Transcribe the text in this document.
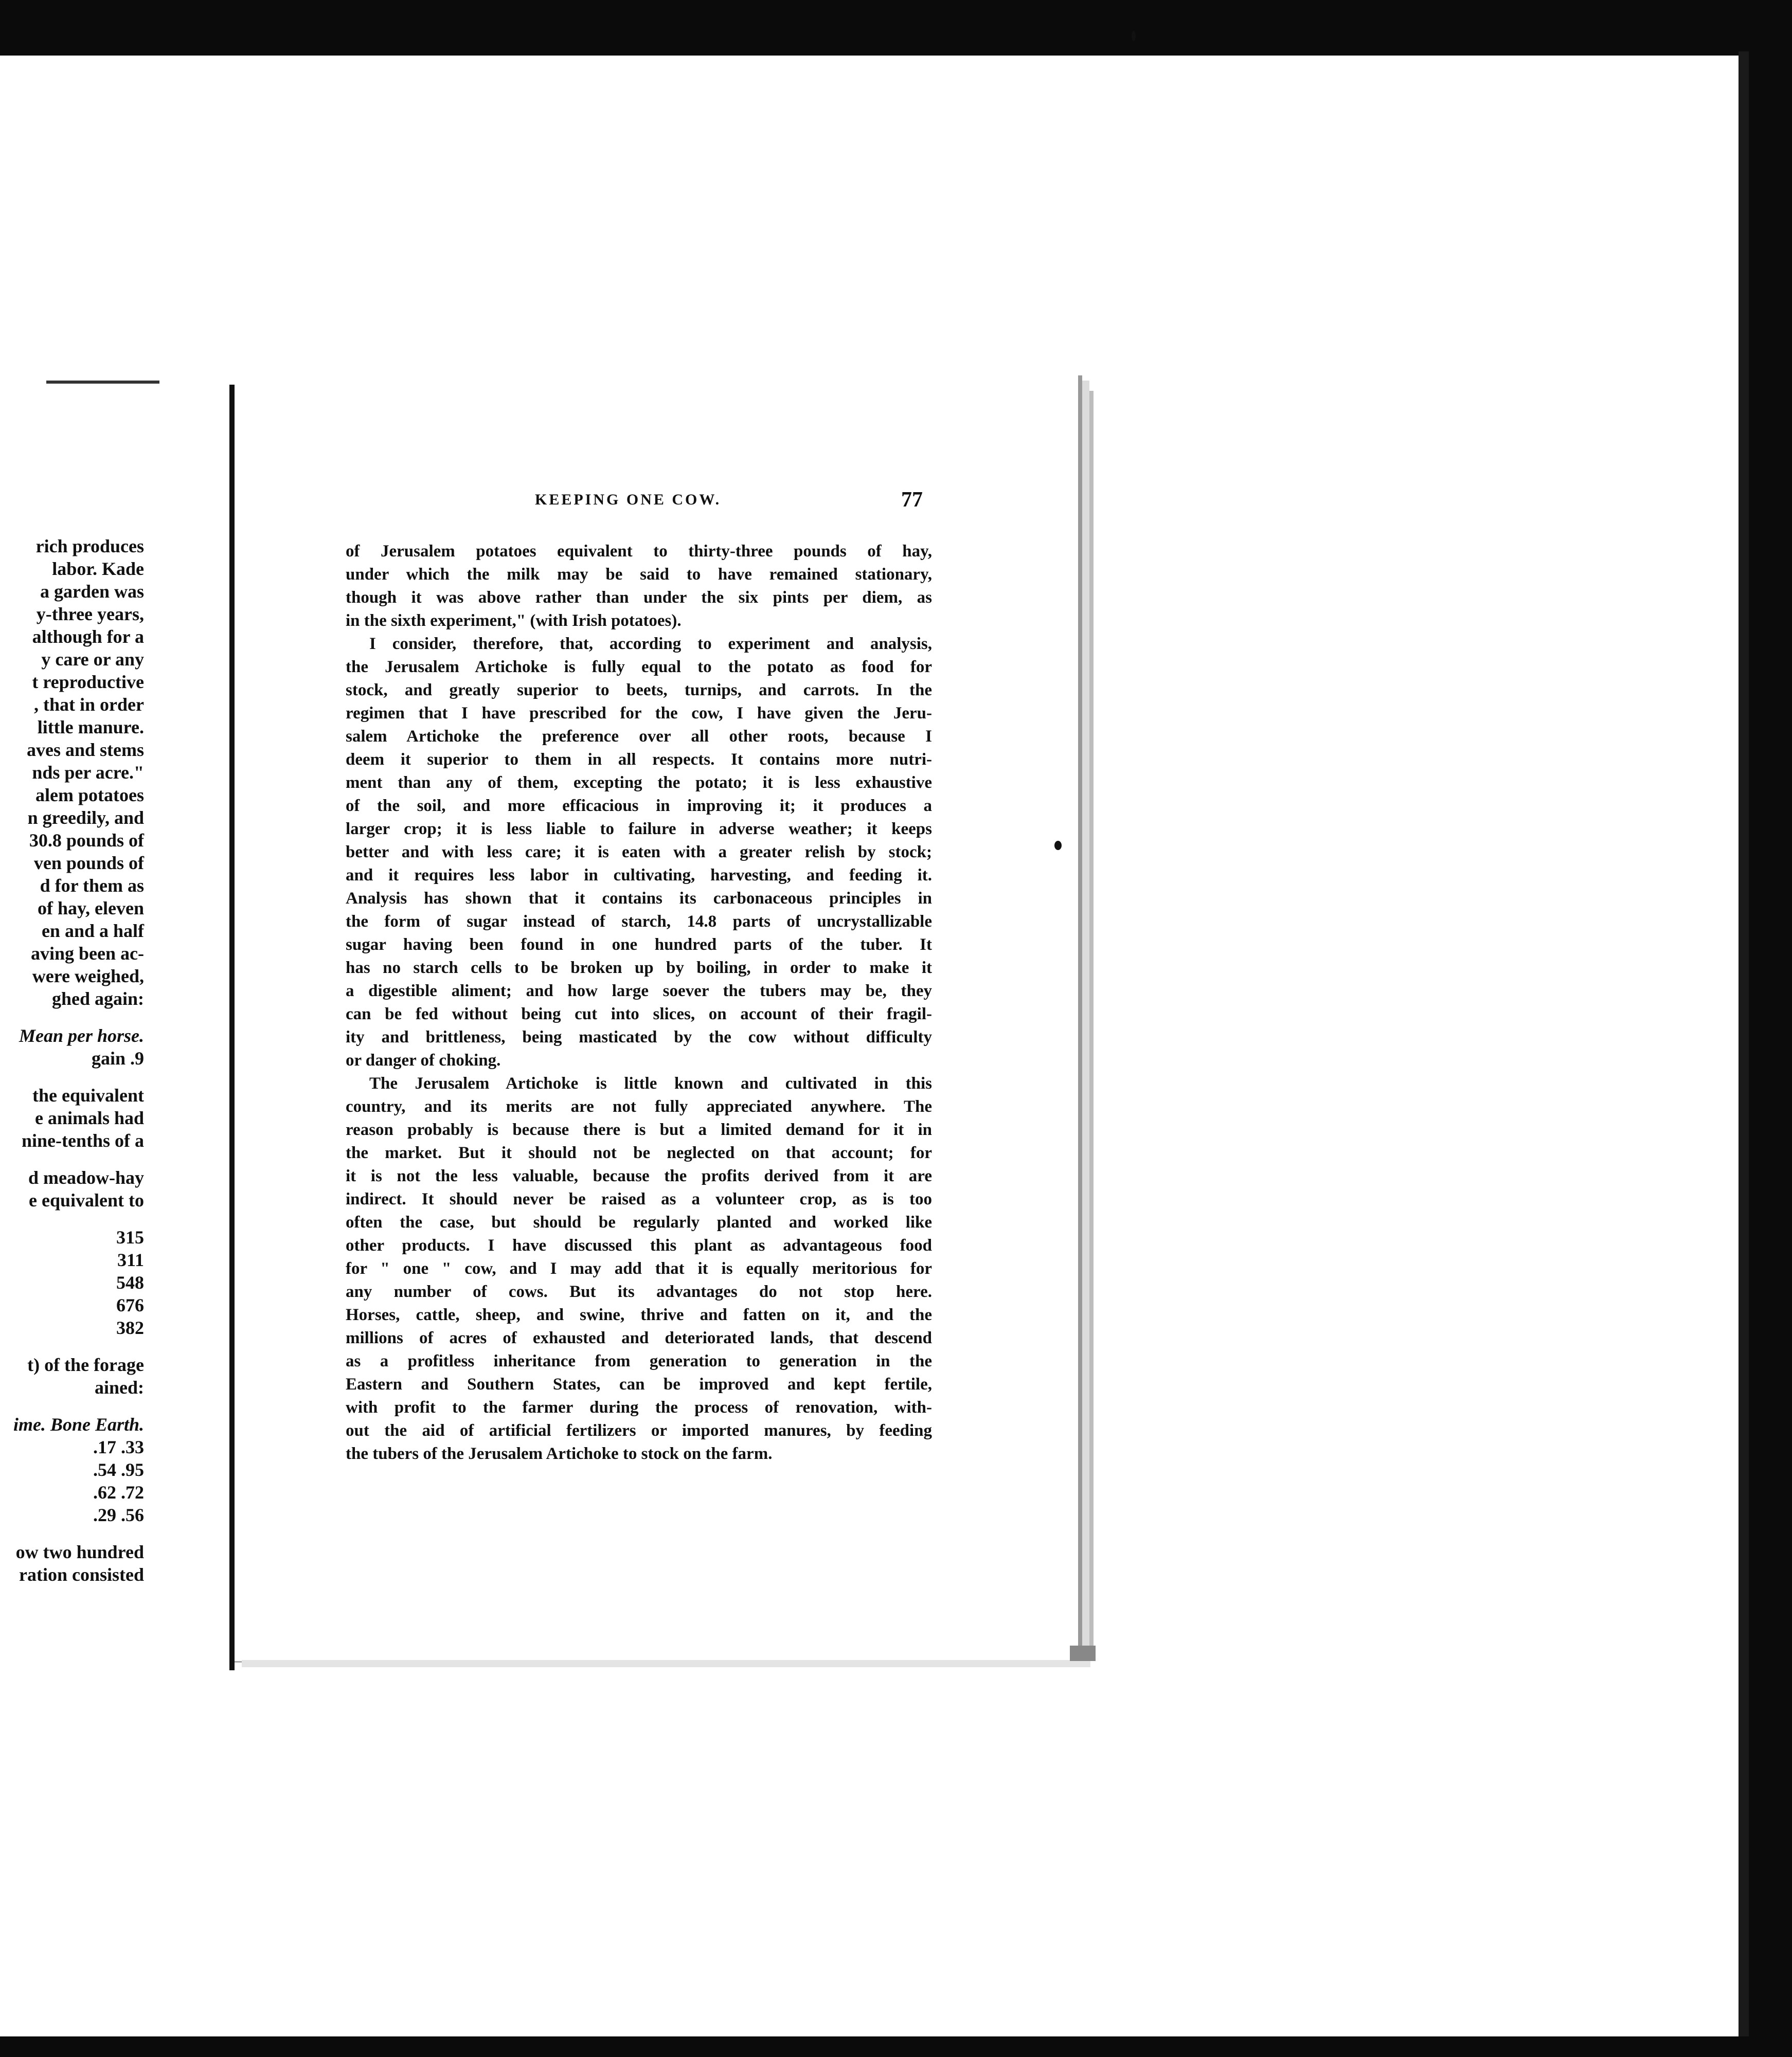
rich produces
labor. Kade
a garden was
y-three years,
although for a
y care or any
t reproductive
, that in order
little manure.
aves and stems
nds per acre."
alem potatoes
n greedily, and
30.8 pounds of
ven pounds of
d for them as
of hay, eleven
en and a half
aving been ac-
were weighed,
ghed again:
Mean per horse.
gain .9
the equivalent
e animals had
nine-tenths of a
d meadow-hay
e equivalent to
315
311
548
676
382
t) of the forage
ained:
ime. Bone Earth.
.17 .33
.54 .95
.62 .72
.29 .56
ow two hundred
ration consisted
KEEPING ONE COW.	77
of Jerusalem potatoes equivalent to thirty-three pounds of hay,
under which the milk may be said to have remained stationary,
though it was above rather than under the six pints per diem, as
in the sixth experiment," (with Irish potatoes).
I consider, therefore, that, according to experiment and analysis,
the Jerusalem Artichoke is fully equal to the potato as food for
stock, and greatly superior to beets, turnips, and carrots. In the
regimen that I have prescribed for the cow, I have given the Jeru-
salem Artichoke the preference over all other roots, because I
deem it superior to them in all respects. It contains more nutri-
ment than any of them, excepting the potato; it is less exhaustive
of the soil, and more efficacious in improving it; it produces a
larger crop; it is less liable to failure in adverse weather; it keeps
better and with less care; it is eaten with a greater relish by stock;
and it requires less labor in cultivating, harvesting, and feeding it.
Analysis has shown that it contains its carbonaceous principles in
the form of sugar instead of starch, 14.8 parts of uncrystallizable
sugar having been found in one hundred parts of the tuber. It
has no starch cells to be broken up by boiling, in order to make it
a digestible aliment; and how large soever the tubers may be, they
can be fed without being cut into slices, on account of their fragil-
ity and brittleness, being masticated by the cow without difficulty
or danger of choking.
The Jerusalem Artichoke is little known and cultivated in this
country, and its merits are not fully appreciated anywhere. The
reason probably is because there is but a limited demand for it in
the market. But it should not be neglected on that account; for
it is not the less valuable, because the profits derived from it are
indirect. It should never be raised as a volunteer crop, as is too
often the case, but should be regularly planted and worked like
other products. I have discussed this plant as advantageous food
for " one " cow, and I may add that it is equally meritorious for
any number of cows. But its advantages do not stop here.
Horses, cattle, sheep, and swine, thrive and fatten on it, and the
millions of acres of exhausted and deteriorated lands, that descend
as a profitless inheritance from generation to generation in the
Eastern and Southern States, can be improved and kept fertile,
with profit to the farmer during the process of renovation, with-
out the aid of artificial fertilizers or imported manures, by feeding
the tubers of the Jerusalem Artichoke to stock on the farm.
